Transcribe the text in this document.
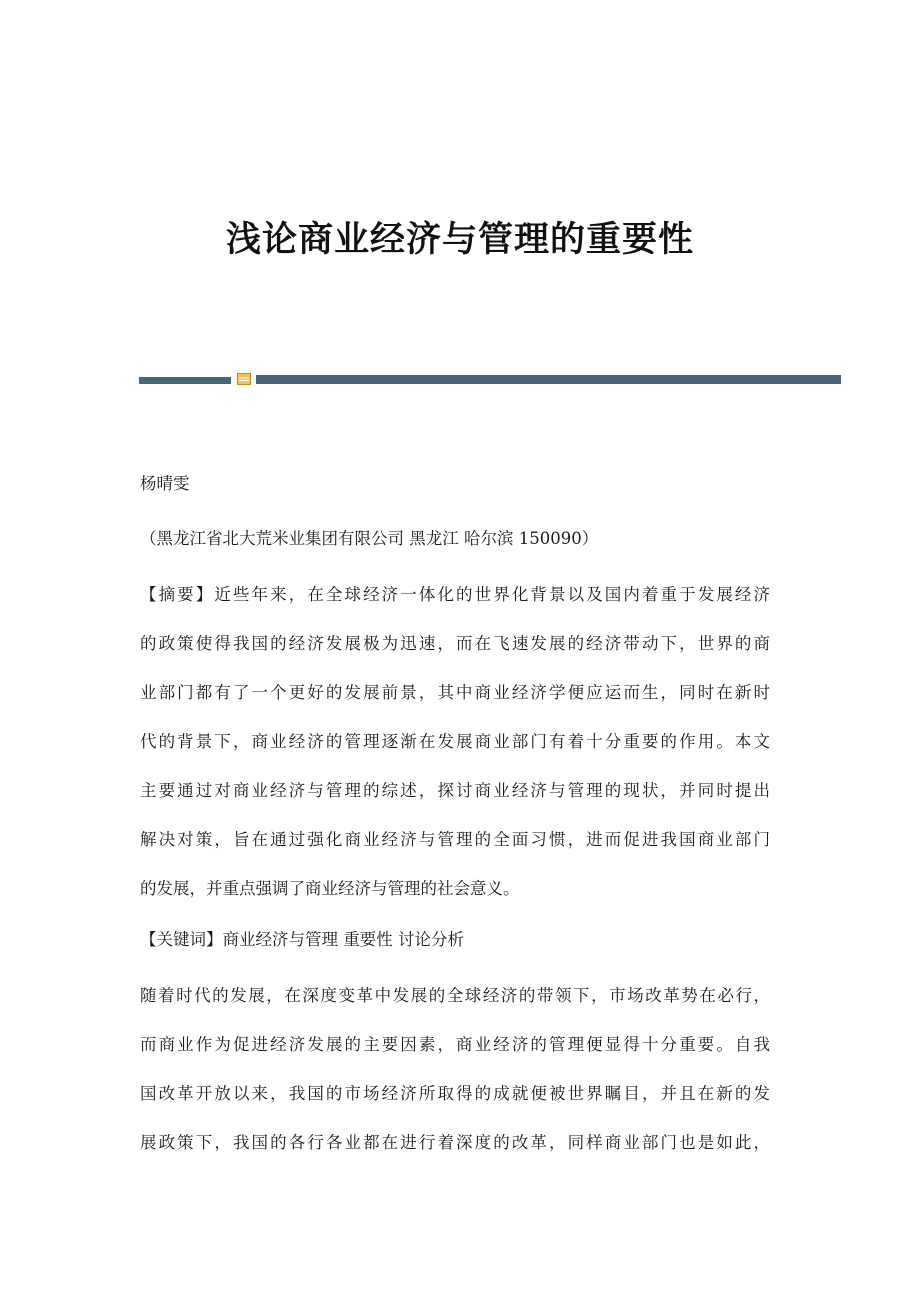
浅论商业经济与管理的重要性
杨晴雯
（黑龙江省北大荒米业集团有限公司 黑龙江 哈尔滨 150090）
【摘要】近些年来，在全球经济一体化的世界化背景以及国内着重于发展经济
的政策使得我国的经济发展极为迅速，而在飞速发展的经济带动下，世界的商
业部门都有了一个更好的发展前景，其中商业经济学便应运而生，同时在新时
代的背景下，商业经济的管理逐渐在发展商业部门有着十分重要的作用。本文
主要通过对商业经济与管理的综述，探讨商业经济与管理的现状，并同时提出
解决对策，旨在通过强化商业经济与管理的全面习惯，进而促进我国商业部门
的发展，并重点强调了商业经济与管理的社会意义。
【关键词】商业经济与管理 重要性 讨论分析
随着时代的发展，在深度变革中发展的全球经济的带领下，市场改革势在必行，
而商业作为促进经济发展的主要因素，商业经济的管理便显得十分重要。自我
国改革开放以来，我国的市场经济所取得的成就便被世界瞩目，并且在新的发
展政策下，我国的各行各业都在进行着深度的改革，同样商业部门也是如此，
